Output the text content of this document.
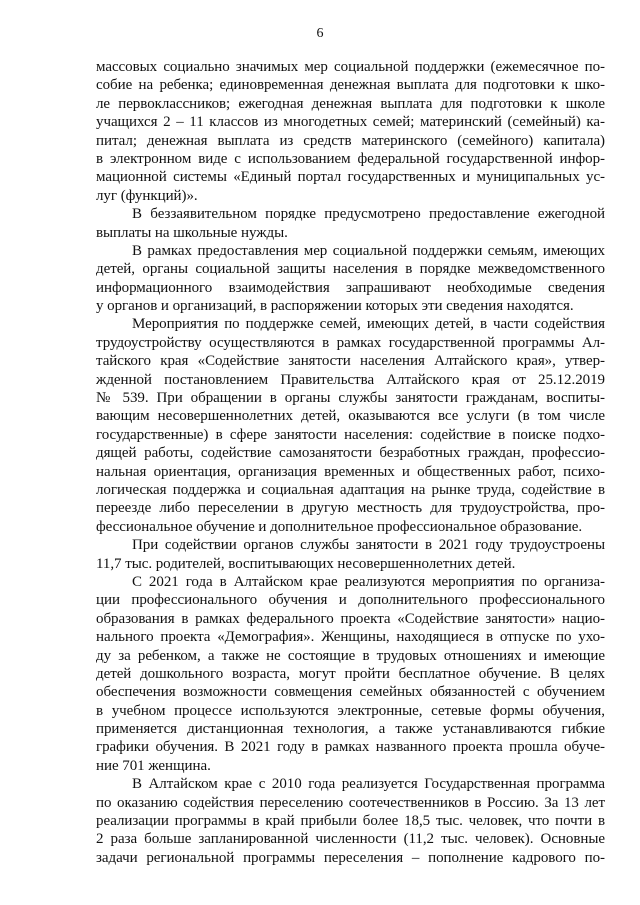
6
массовых социально значимых мер социальной поддержки (ежемесячное по-
собие на ребенка; единовременная денежная выплата для подготовки к шко-
ле первоклассников; ежегодная денежная выплата для подготовки к школе
учащихся 2 – 11 классов из многодетных семей; материнский (семейный) ка-
питал; денежная выплата из средств материнского (семейного) капитала)
в электронном виде с использованием федеральной государственной инфор-
мационной системы «Единый портал государственных и муниципальных ус-
луг (функций)».
В беззаявительном порядке предусмотрено предоставление ежегодной
выплаты на школьные нужды.
В рамках предоставления мер социальной поддержки семьям, имеющих
детей, органы социальной защиты населения в порядке межведомственного
информационного взаимодействия запрашивают необходимые сведения
у органов и организаций, в распоряжении которых эти сведения находятся.
Мероприятия по поддержке семей, имеющих детей, в части содействия
трудоустройству осуществляются в рамках государственной программы Ал-
тайского края «Содействие занятости населения Алтайского края», утвер-
жденной постановлением Правительства Алтайского края от 25.12.2019
№ 539. При обращении в органы службы занятости гражданам, воспиты-
вающим несовершеннолетних детей, оказываются все услуги (в том числе
государственные) в сфере занятости населения: содействие в поиске подхо-
дящей работы, содействие самозанятости безработных граждан, профессио-
нальная ориентация, организация временных и общественных работ, психо-
логическая поддержка и социальная адаптация на рынке труда, содействие в
переезде либо переселении в другую местность для трудоустройства, про-
фессиональное обучение и дополнительное профессиональное образование.
При содействии органов службы занятости в 2021 году трудоустроены
11,7 тыс. родителей, воспитывающих несовершеннолетних детей.
С 2021 года в Алтайском крае реализуются мероприятия по организа-
ции профессионального обучения и дополнительного профессионального
образования в рамках федерального проекта «Содействие занятости» нацио-
нального проекта «Демография». Женщины, находящиеся в отпуске по ухо-
ду за ребенком, а также не состоящие в трудовых отношениях и имеющие
детей дошкольного возраста, могут пройти бесплатное обучение. В целях
обеспечения возможности совмещения семейных обязанностей с обучением
в учебном процессе используются электронные, сетевые формы обучения,
применяется дистанционная технология, а также устанавливаются гибкие
графики обучения. В 2021 году в рамках названного проекта прошла обуче-
ние 701 женщина.
В Алтайском крае с 2010 года реализуется Государственная программа
по оказанию содействия переселению соотечественников в Россию. За 13 лет
реализации программы в край прибыли более 18,5 тыс. человек, что почти в
2 раза больше запланированной численности (11,2 тыс. человек). Основные
задачи региональной программы переселения – пополнение кадрового по-
